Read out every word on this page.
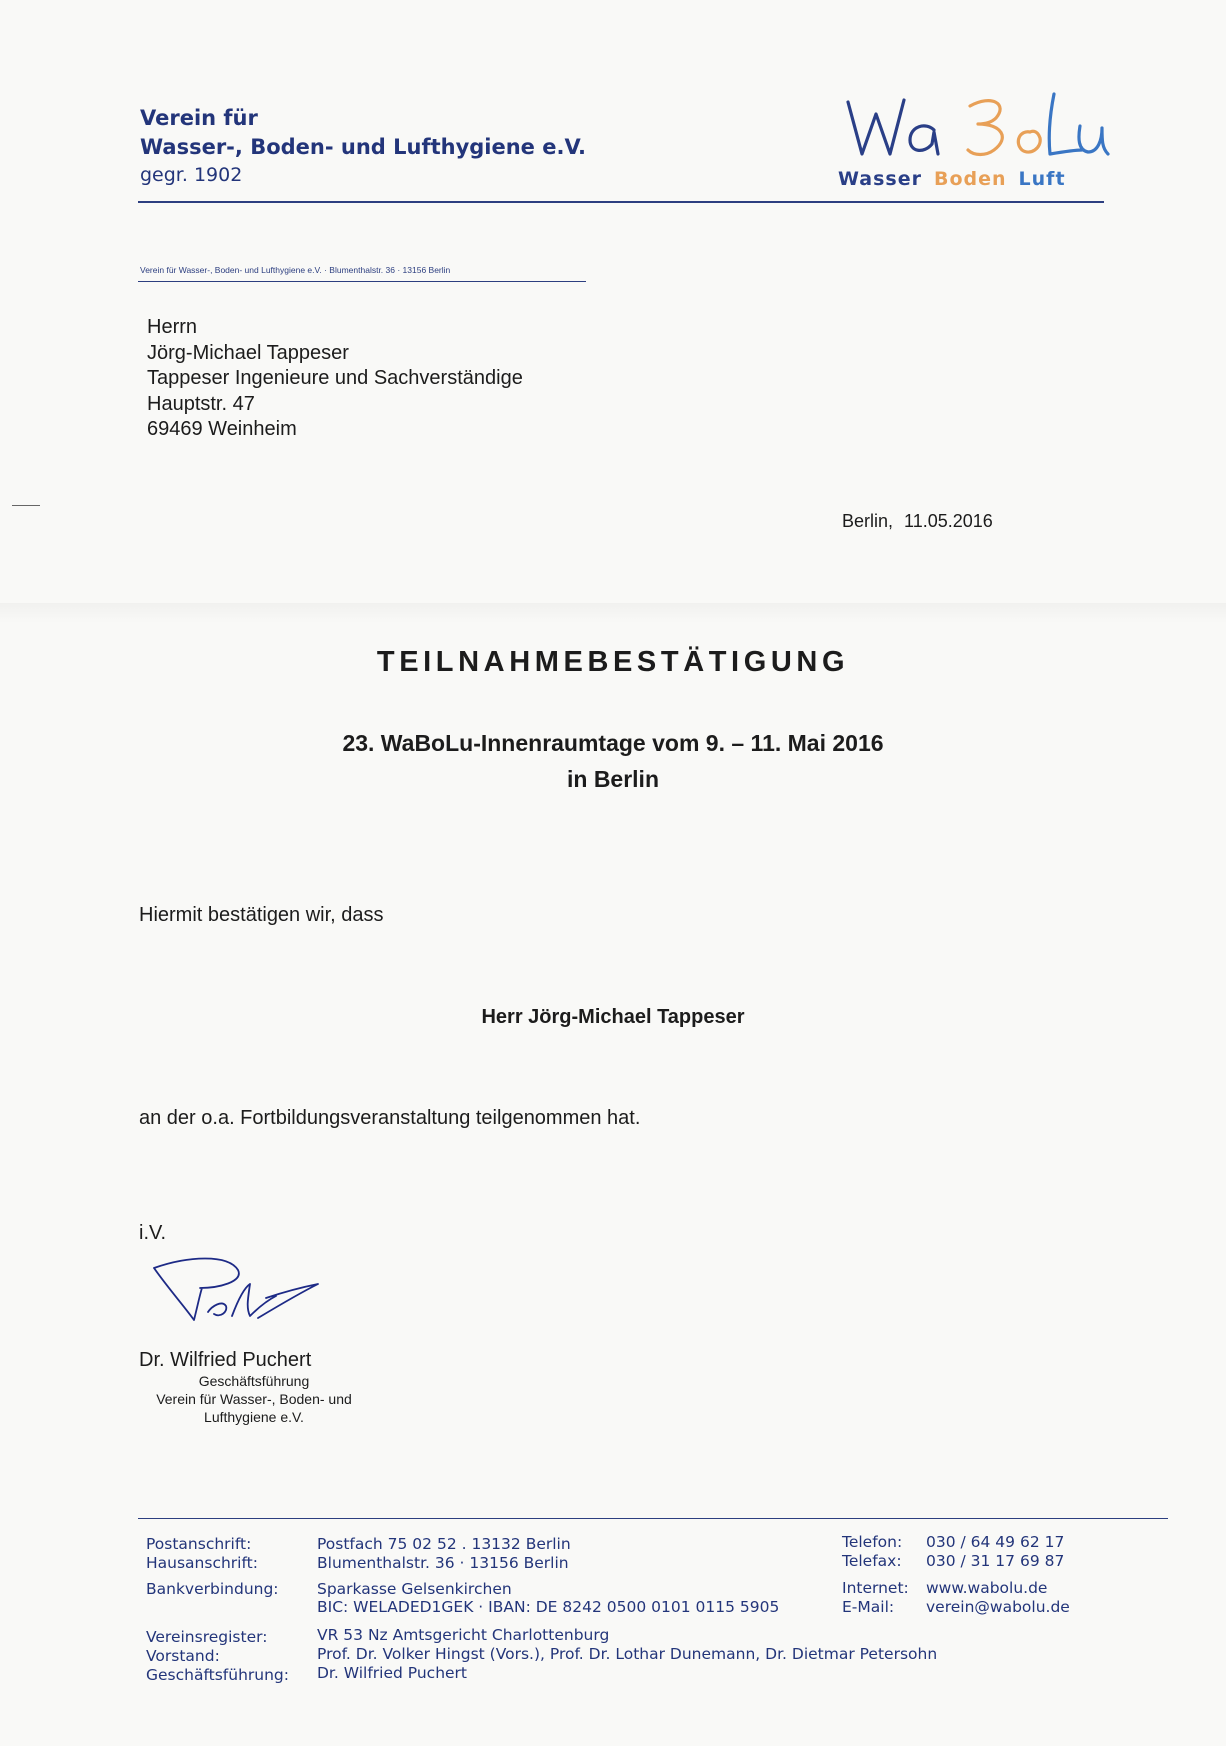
Verein für
Wasser-, Boden- und Lufthygiene e.V.
gegr. 1902	Wasser Boden Luft
Verein für Wasser-, Boden- und Lufthygiene e.V. · Blumenthalstr. 36 · 13156 Berlin
Herrn
Jörg-Michael Tappeser
Tappeser Ingenieure und Sachverständige
Hauptstr. 47
69469 Weinheim
Berlin, 11.05.2016
TEILNAHMEBESTÄTIGUNG
23. WaBoLu-Innenraumtage vom 9. – 11. Mai 2016
in Berlin
Hiermit bestätigen wir, dass
Herr Jörg-Michael Tappeser
an der o.a. Fortbildungsveranstaltung teilgenommen hat.
i.V.
Dr. Wilfried Puchert
Geschäftsführung
Verein für Wasser-, Boden- und
Lufthygiene e.V.
Postanschrift:	Postfach 75 02 52 . 13132 Berlin	Telefon: 030 / 64 49 62 17
Hausanschrift:	Blumenthalstr. 36 · 13156 Berlin	Telefax: 030 / 31 17 69 87
Bankverbindung: Sparkasse Gelsenkirchen	Internet: www.wabolu.de
BIC: WELADED1GEK · IBAN: DE 8242 0500 0101 0115 5905	E-Mail: verein@wabolu.de
Vereinsregister:	VR 53 Nz Amtsgericht Charlottenburg
Vorstand:	Prof. Dr. Volker Hingst (Vors.), Prof. Dr. Lothar Dunemann, Dr. Dietmar Petersohn
Geschäftsführung: Dr. Wilfried Puchert
